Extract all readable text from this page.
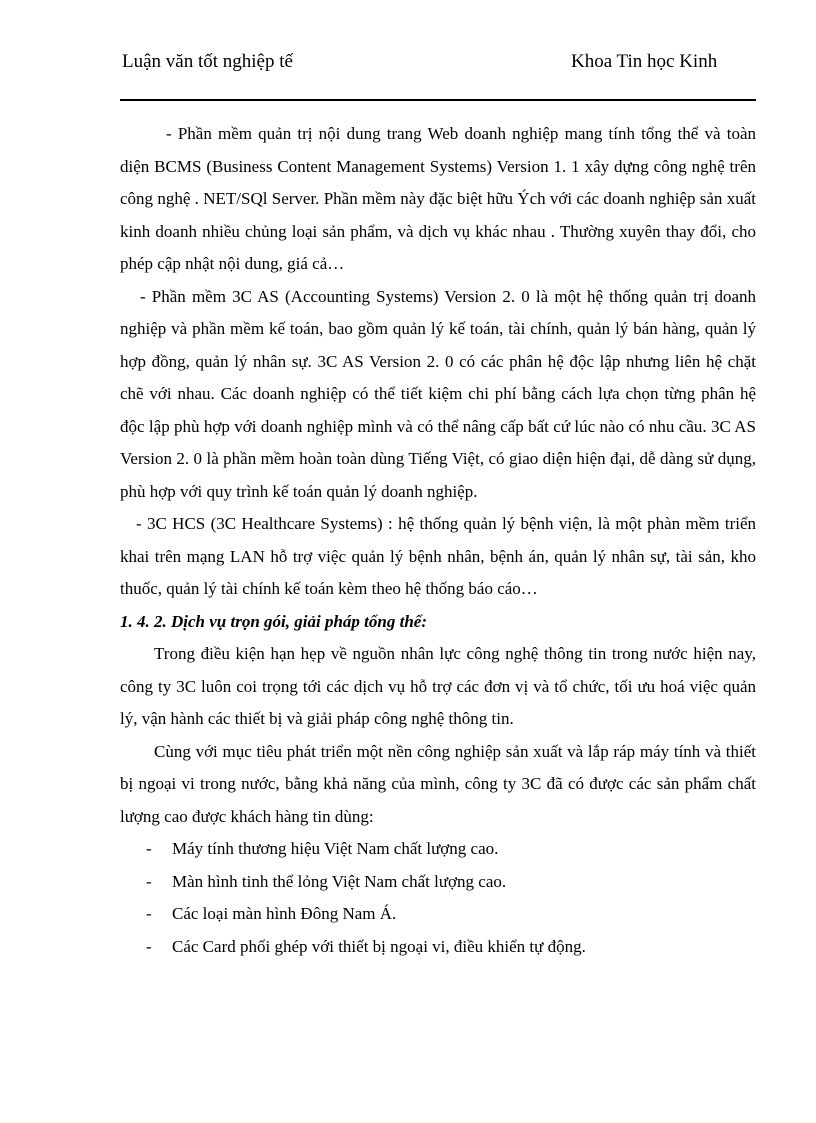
Luận văn tốt nghiệp tế	Khoa Tin học Kinh

- Phần mềm quản trị nội dung trang Web doanh nghiệp mang tính tổng thể và toàn diện BCMS (Business Content Management Systems) Version 1. 1 xây dựng công nghệ trên công nghệ . NET/SQl Server. Phần mềm này đặc biệt hữu Ých với các doanh nghiệp sản xuất kinh doanh nhiều chủng loại sản phẩm, và dịch vụ khác nhau . Thường xuyên thay đổi, cho phép cập nhật nội dung, giá cả…

- Phần mềm 3C AS (Accounting Systems) Version 2. 0 là một hệ thống quản trị doanh nghiệp và phần mềm kế toán, bao gồm quản lý kế toán, tài chính, quản lý bán hàng, quản lý hợp đồng, quản lý nhân sự. 3C AS Version 2. 0 có các phân hệ độc lập nhưng liên hệ chặt chẽ với nhau. Các doanh nghiệp có thể tiết kiệm chi phí bằng cách lựa chọn từng phân hệ độc lập phù hợp với doanh nghiệp mình và có thể nâng cấp bất cứ lúc nào có nhu cầu. 3C AS Version 2. 0 là phần mềm hoàn toàn dùng Tiếng Việt, có giao diện hiện đại, dễ dàng sử dụng, phù hợp với quy trình kế toán quản lý doanh nghiệp.

- 3C HCS (3C Healthcare Systems) : hệ thống quản lý bệnh viện, là một phàn mềm triển khai trên mạng LAN hỗ trợ việc quản lý bệnh nhân, bệnh án, quản lý nhân sự, tài sản, kho thuốc, quản lý tài chính kế toán kèm theo hệ thống báo cáo…

1. 4. 2. Dịch vụ trọn gói, giải pháp tổng thể:

Trong điều kiện hạn hẹp về nguồn nhân lực công nghệ thông tin trong nước hiện nay, công ty 3C luôn coi trọng tới các dịch vụ hỗ trợ các đơn vị và tổ chức, tối ưu hoá việc quản lý, vận hành các thiết bị và giải pháp công nghệ thông tin.

Cùng với mục tiêu phát triển một nền công nghiệp sản xuất và lắp ráp máy tính và thiết bị ngoại vi trong nước, bằng khả năng của mình, công ty 3C đã có được các sản phẩm chất lượng cao được khách hàng tin dùng:

- Máy tính thương hiệu Việt Nam chất lượng cao.
- Màn hình tinh thể lỏng Việt Nam chất lượng cao.
- Các loại màn hình Đông Nam Á.
- Các Card phối ghép với thiết bị ngoại vi, điều khiển tự động.
